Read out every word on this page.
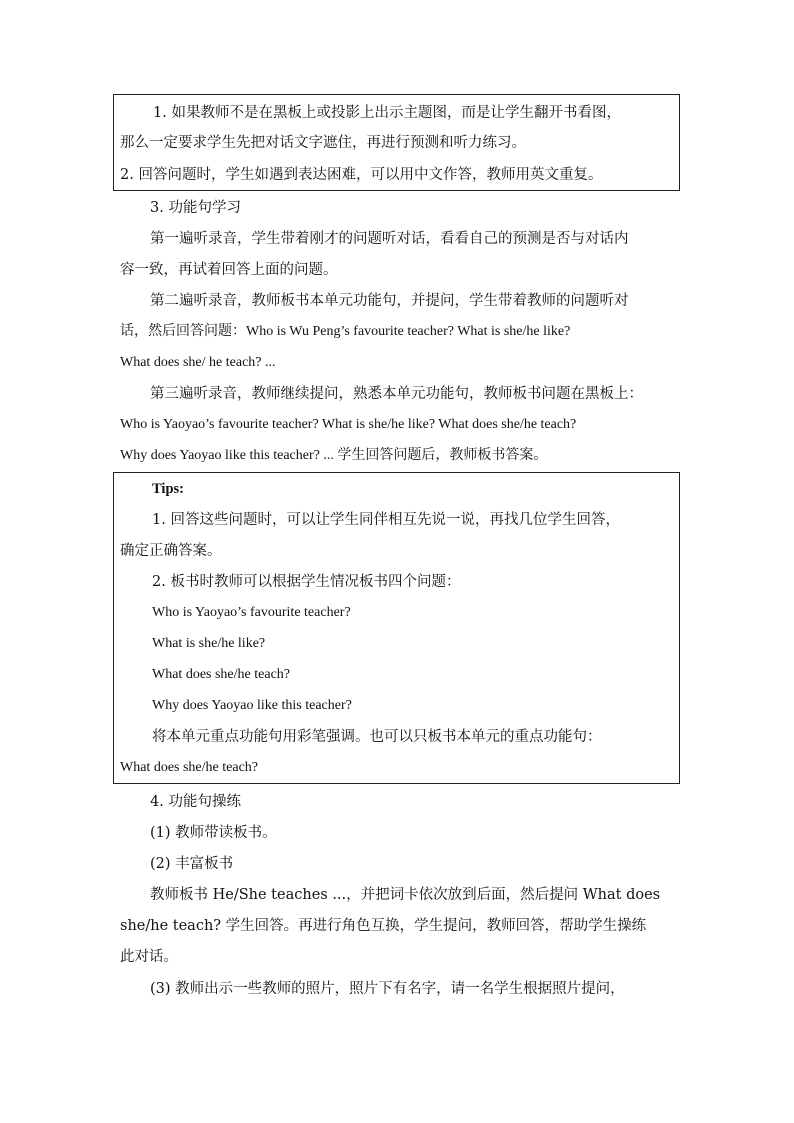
1. 如果教师不是在黑板上或投影上出示主题图，而是让学生翻开书看图，
那么一定要求学生先把对话文字遮住，再进行预测和听力练习。
2. 回答问题时，学生如遇到表达困难，可以用中文作答，教师用英文重复。
3. 功能句学习
第一遍听录音，学生带着刚才的问题听对话，看看自己的预测是否与对话内
容一致，再试着回答上面的问题。
第二遍听录音，教师板书本单元功能句，并提问，学生带着教师的问题听对
话，然后回答问题：Who is Wu Peng’s favourite teacher? What is she/he like?
What does she/ he teach? ...
第三遍听录音，教师继续提问，熟悉本单元功能句，教师板书问题在黑板上：
Who is Yaoyao’s favourite teacher? What is she/he like? What does she/he teach?
Why does Yaoyao like this teacher? ... 学生回答问题后，教师板书答案。
Tips:
1. 回答这些问题时，可以让学生同伴相互先说一说，再找几位学生回答，
确定正确答案。
2. 板书时教师可以根据学生情况板书四个问题：
Who is Yaoyao’s favourite teacher?
What is she/he like?
What does she/he teach?
Why does Yaoyao like this teacher?
将本单元重点功能句用彩笔强调。也可以只板书本单元的重点功能句：
What does she/he teach?
4. 功能句操练
(1) 教师带读板书。
(2) 丰富板书
教师板书 He/She teaches ...，并把词卡依次放到后面，然后提问 What does
she/he teach? 学生回答。再进行角色互换，学生提问，教师回答，帮助学生操练
此对话。
(3) 教师出示一些教师的照片，照片下有名字，请一名学生根据照片提问，
